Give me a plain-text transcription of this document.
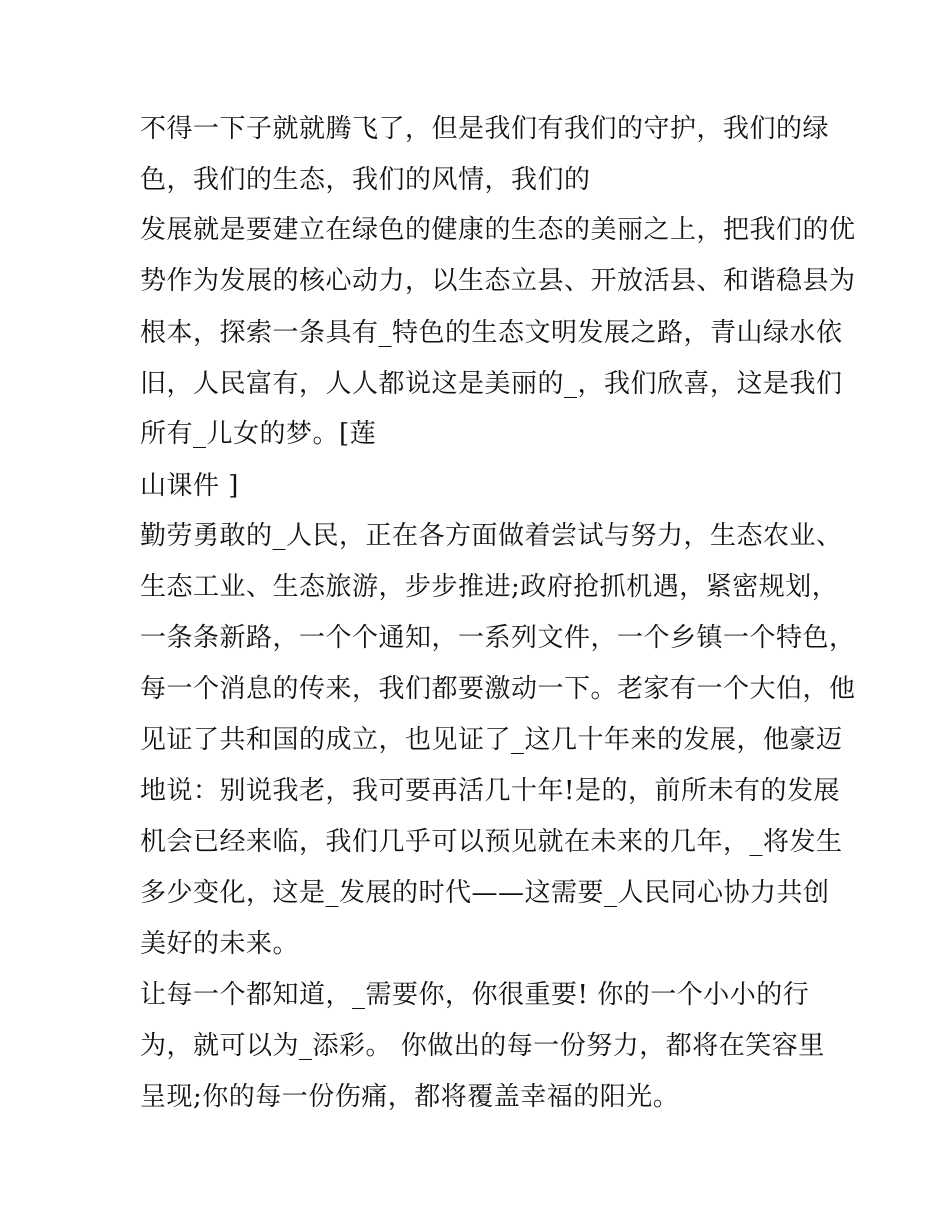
不得一下子就就腾飞了，但是我们有我们的守护，我们的绿
色，我们的生态，我们的风情，我们的
发展就是要建立在绿色的健康的生态的美丽之上，把我们的优
势作为发展的核心动力，以生态立县、开放活县、和谐稳县为
根本，探索一条具有_特色的生态文明发展之路，青山绿水依
旧，人民富有，人人都说这是美丽的_，我们欣喜，这是我们
所有_儿女的梦。[莲
山课件 ]
勤劳勇敢的_人民，正在各方面做着尝试与努力，生态农业、
生态工业、生态旅游，步步推进;政府抢抓机遇，紧密规划，
一条条新路，一个个通知，一系列文件，一个乡镇一个特色，
每一个消息的传来，我们都要激动一下。老家有一个大伯，他
见证了共和国的成立，也见证了_这几十年来的发展，他豪迈
地说：别说我老，我可要再活几十年!是的，前所未有的发展
机会已经来临，我们几乎可以预见就在未来的几年，_将发生
多少变化，这是_发展的时代——这需要_人民同心协力共创
美好的未来。
让每一个都知道，_需要你，你很重要! 你的一个小小的行
为，就可以为_添彩。 你做出的每一份努力，都将在笑容里
呈现;你的每一份伤痛，都将覆盖幸福的阳光。
